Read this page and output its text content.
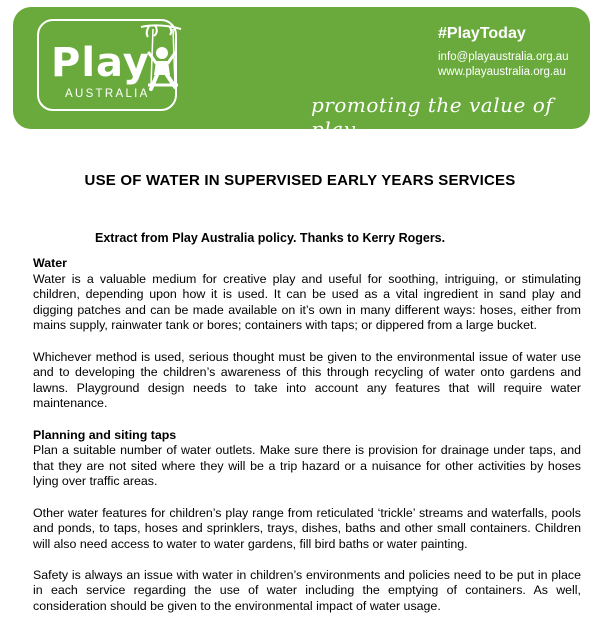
Play
AUSTRALIA
#PlayToday
info@playaustralia.org.au
www.playaustralia.org.au
promoting the value of play
USE OF WATER IN SUPERVISED EARLY YEARS SERVICES
Extract from Play Australia policy. Thanks to Kerry Rogers.
Water

Water is a valuable medium for creative play and useful for soothing, intriguing, or stimulating children, depending upon how it is used. It can be used as a vital ingredient in sand play and digging patches and can be made available on it’s own in many different ways: hoses, either from mains supply, rainwater tank or bores; containers with taps; or dippered from a large bucket.

Whichever method is used, serious thought must be given to the environmental issue of water use and to developing the children’s awareness of this through recycling of water onto gardens and lawns. Playground design needs to take into account any features that will require water maintenance.

Planning and siting taps

Plan a suitable number of water outlets. Make sure there is provision for drainage under taps, and that they are not sited where they will be a trip hazard or a nuisance for other activities by hoses lying over traffic areas.

Other water features for children’s play range from reticulated ‘trickle’ streams and waterfalls, pools and ponds, to taps, hoses and sprinklers, trays, dishes, baths and other small containers. Children will also need access to water to water gardens, fill bird baths or water painting.

Safety is always an issue with water in children’s environments and policies need to be put in place in each service regarding the use of water including the emptying of containers. As well, consideration should be given to the environmental impact of water usage.
